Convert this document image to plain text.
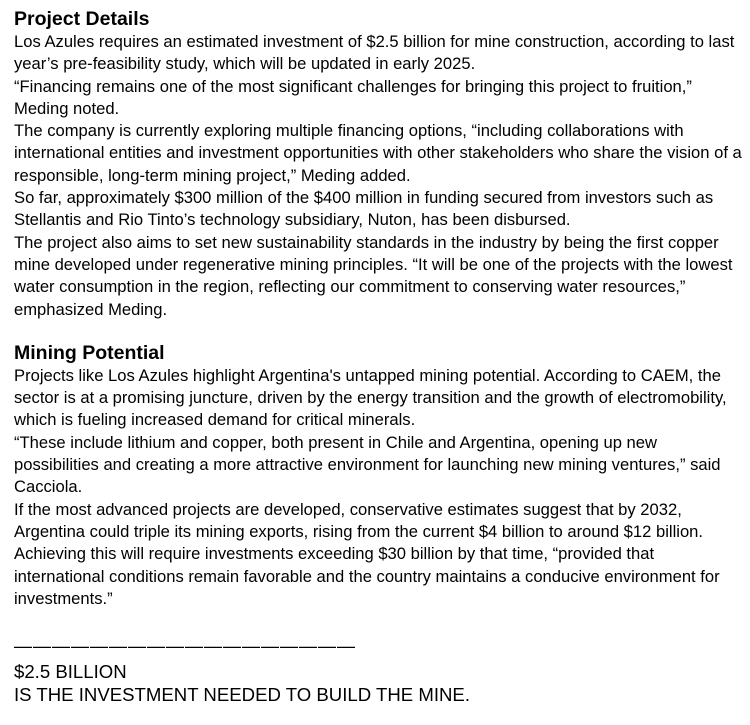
Project Details

Los Azules requires an estimated investment of $2.5 billion for mine construction, according to last year’s pre-feasibility study, which will be updated in early 2025.

“Financing remains one of the most significant challenges for bringing this project to fruition,” Meding noted.

The company is currently exploring multiple financing options, “including collaborations with international entities and investment opportunities with other stakeholders who share the vision of a responsible, long-term mining project,” Meding added.

So far, approximately $300 million of the $400 million in funding secured from investors such as Stellantis and Rio Tinto’s technology subsidiary, Nuton, has been disbursed.

The project also aims to set new sustainability standards in the industry by being the first copper mine developed under regenerative mining principles. “It will be one of the projects with the lowest water consumption in the region, reflecting our commitment to conserving water resources,” emphasized Meding.

Mining Potential

Projects like Los Azules highlight Argentina's untapped mining potential. According to CAEM, the sector is at a promising juncture, driven by the energy transition and the growth of electromobility, which is fueling increased demand for critical minerals.

“These include lithium and copper, both present in Chile and Argentina, opening up new possibilities and creating a more attractive environment for launching new mining ventures,” said Cacciola.

If the most advanced projects are developed, conservative estimates suggest that by 2032, Argentina could triple its mining exports, rising from the current $4 billion to around $12 billion. Achieving this will require investments exceeding $30 billion by that time, “provided that international conditions remain favorable and the country maintains a conducive environment for investments.”

——————————————————

$2.5 BILLION

IS THE INVESTMENT NEEDED TO BUILD THE MINE.
